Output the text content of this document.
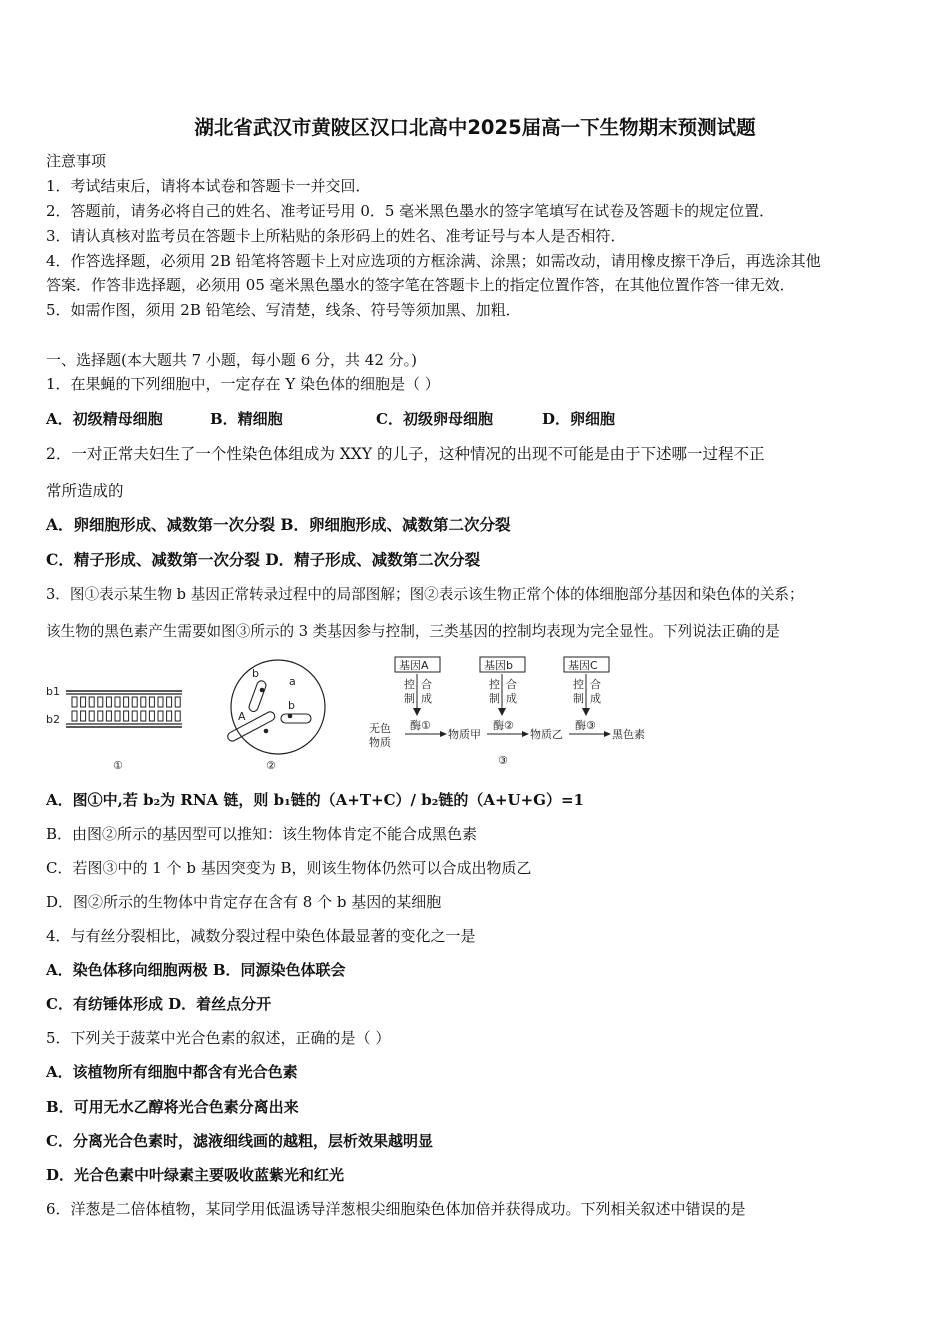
湖北省武汉市黄陂区汉口北高中2025届高一下生物期末预测试题
注意事项
1．考试结束后，请将本试卷和答题卡一并交回．
2．答题前，请务必将自己的姓名、准考证号用 0．5 毫米黑色墨水的签字笔填写在试卷及答题卡的规定位置．
3．请认真核对监考员在答题卡上所粘贴的条形码上的姓名、准考证号与本人是否相符．
4．作答选择题，必须用 2B 铅笔将答题卡上对应选项的方框涂满、涂黑；如需改动，请用橡皮擦干净后，再选涂其他
答案．作答非选择题，必须用 05 毫米黑色墨水的签字笔在答题卡上的指定位置作答，在其他位置作答一律无效．
5．如需作图，须用 2B 铅笔绘、写清楚，线条、符号等须加黑、加粗．
一、选择题(本大题共 7 小题，每小题 6 分，共 42 分。)
1．在果蝇的下列细胞中，一定存在 Y 染色体的细胞是（ ）
A．初级精母细胞	B．精细胞	C．初级卵母细胞	D．卵细胞
2．一对正常夫妇生了一个性染色体组成为 XXY 的儿子，这种情况的出现不可能是由于下述哪一过程不正
常所造成的
A．卵细胞形成、减数第一次分裂 B．卵细胞形成、减数第二次分裂
C．精子形成、减数第一次分裂 D．精子形成、减数第二次分裂
3．图①表示某生物 b 基因正常转录过程中的局部图解；图②表示该生物正常个体的体细胞部分基因和染色体的关系；
该生物的黑色素产生需要如图③所示的 3 类基因参与控制，三类基因的控制均表现为完全显性。下列说法正确的是
b1
b2
①
b
a
A
b
②
基因A	基因b	基因C
控 合
制 成
控 合
制 成
控 合
制 成
无色
物质
酶①
物质甲
酶②
物质乙
酶③
黑色素
③
A．图①中,若 b₂为 RNA 链，则 b₁链的（A+T+C）/ b₂链的（A+U+G）=1
B．由图②所示的基因型可以推知：该生物体肯定不能合成黑色素
C．若图③中的 1 个 b 基因突变为 B，则该生物体仍然可以合成出物质乙
D．图②所示的生物体中肯定存在含有 8 个 b 基因的某细胞
4．与有丝分裂相比，减数分裂过程中染色体最显著的变化之一是
A．染色体移向细胞两极 B．同源染色体联会
C．有纺锤体形成 D．着丝点分开
5．下列关于菠菜中光合色素的叙述，正确的是（ ）
A．该植物所有细胞中都含有光合色素
B．可用无水乙醇将光合色素分离出来
C．分离光合色素时，滤液细线画的越粗，层析效果越明显
D．光合色素中叶绿素主要吸收蓝紫光和红光
6．洋葱是二倍体植物，某同学用低温诱导洋葱根尖细胞染色体加倍并获得成功。下列相关叙述中错误的是
